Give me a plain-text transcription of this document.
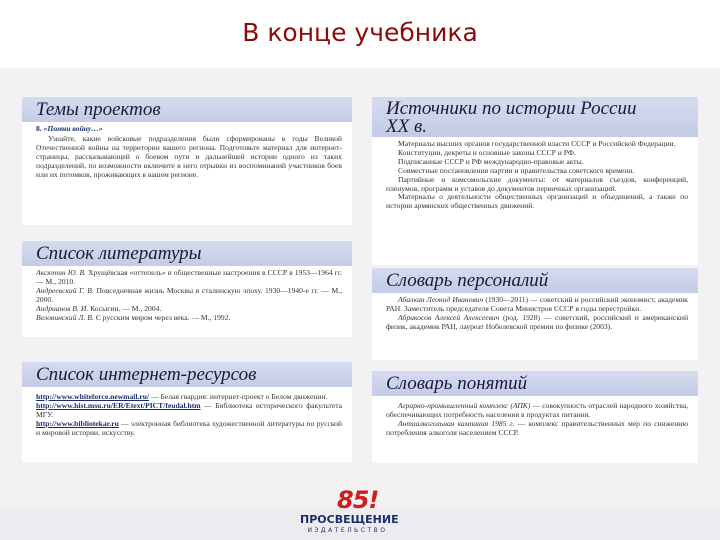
В конце учебника
Темы проектов

8. «Помни войну…»

Узнайте, какие войсковые подразделения были сформированы в годы Великой Отечественной войны на территории вашего региона. Подготовьте материал для интернет-страницы, рассказывающей о боевом пути и дальнейшей истории одного из таких подразделений, по возможности включите в него отрывки из воспоминаний участников боев или их потомков, проживающих в вашем регионе.

Источники по истории России
XX в.

Материалы высших органов государственной власти СССР и Российской Федерации.

Конституции, декреты и основные законы СССР и РФ.

Подписанные СССР и РФ международно-правовые акты.

Совместные постановления партии и правительства советского времени.

Партийные и комсомольские документы: от материалов съездов, конференций, пленумов, программ и уставов до документов первичных организаций.

Материалы о деятельности общественных организаций и объединений, а также по истории армянских общественных движений.

Список литературы

Аксютин Ю. В. Хрущёвская «оттепель» и общественные настроения в СССР в 1953—1964 гг. — М., 2010.

Андреевский Г. В. Повседневная жизнь Москвы в сталинскую эпоху. 1930—1940-е гг. — М., 2000.

Андрианов В. И. Косыгин. — М., 2004.

Веловинский Л. В. С русским миром через века. — М., 1992.

Словарь персоналий

Абалкин Леонид Иванович (1930—2011) — советский и российский экономист, академик РАН. Заместитель председателя Совета Министров СССР в годы перестройки.

Абрикосов Алексей Алексеевич (род. 1928) — советский, российский и американский физик, академик РАН, лауреат Нобелевской премии по физике (2003).

Список интернет-ресурсов

http://www.whiteforce.newmail.ru/ — Белая гвардия: интернет-проект о Белом движении.

http://www.hist.msu.ru/ER/Etext/PICT/feudal.htm — Библиотека исторического факультета МГУ.

http://www.bibliotekar.ru — электронная библиотека художественной литературы по русской и мировой истории, искусству.

Словарь понятий

Аграрно-промышленный комплекс (АПК) — совокупность отраслей народного хозяйства, обеспечивающих потребность населения в продуктах питания.

Антиалкогольная кампания 1985 г. — комплекс правительственных мер по снижению потребления алкоголя населением СССР.

85!
ПРОСВЕЩЕНИЕ
ИЗДАТЕЛЬСТВО
